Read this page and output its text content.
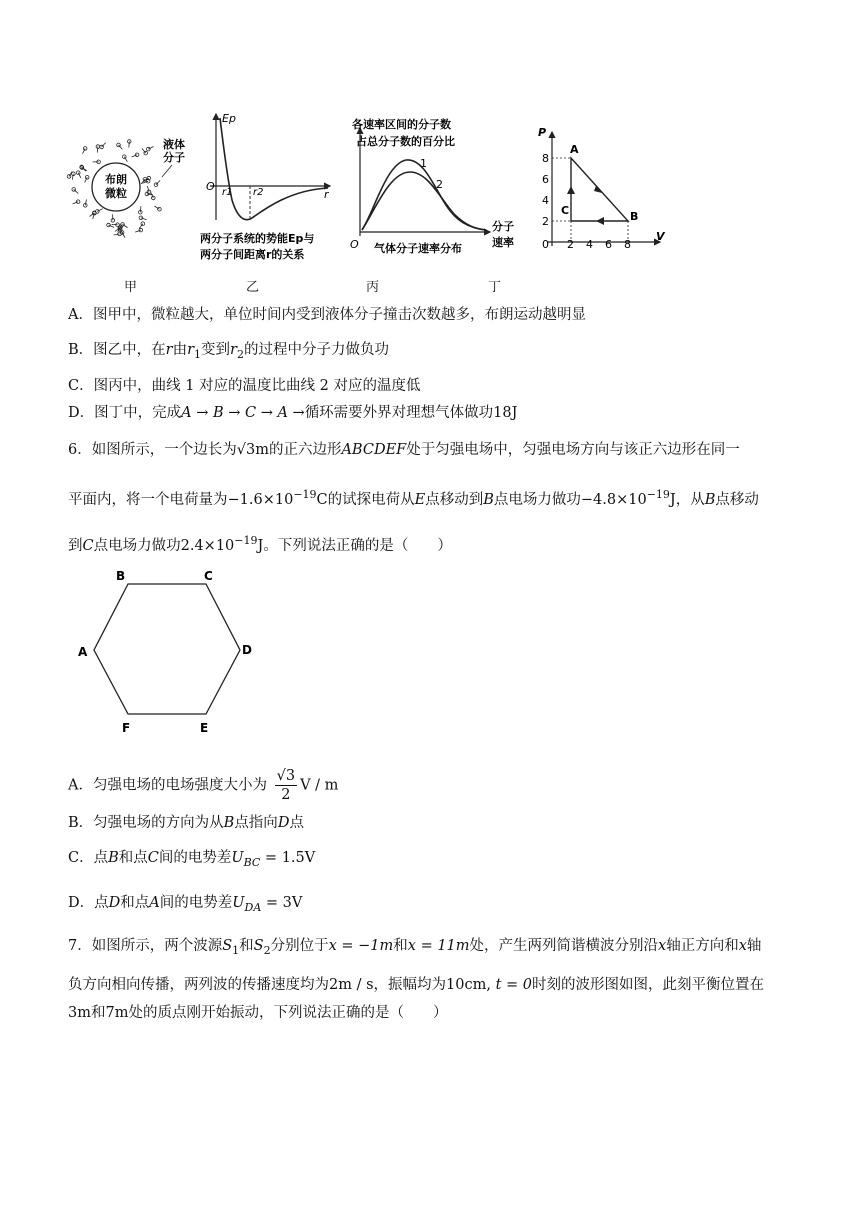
布朗
微粒
液体
分子
Ep
O r1 r2	r
两分子系统的势能Ep与
两分子间距离r的关系
各速率区间的分子数
占总分子数的百分比
1
2
O
分子
速率
气体分子速率分布
P
8
6
4
2
0 2 4 6 8
V
A
B
C
甲	乙	丙	丁
A．图甲中，微粒越大，单位时间内受到液体分子撞击次数越多，布朗运动越明显
B．图乙中，在r由$r_1$变到$r_2$的过程中分子力做负功
C．图丙中，曲线 1 对应的温度比曲线 2 对应的温度低
D．图丁中，完成A → B → C → A →循环需要外界对理想气体做功18J
6．如图所示，一个边长为√3m的正六边形ABCDEF处于匀强电场中，匀强电场方向与该正六边形在同一
平面内，将一个电荷量为$-1.6\times 10^{-19}C$的试探电荷从E点移动到B点电场力做功$-4.8\times 10^{-19}J$，从B点移动
到C点电场力做功$2.4\times 10^{-19}J$。下列说法正确的是（　　）
B	C
D
E
F
A
A．匀强电场的电场强度大小为 $\frac{√3}{2}$ V / m
B．匀强电场的方向为从B点指向D点
C．点B和点C间的电势差$U_{BC} = 1.5V$
D．点D和点A间的电势差$U_{DA} = 3V$
7．如图所示，两个波源$S_1$和$S_2$分别位于x = −1m和x = 11m处，产生两列简谐横波分别沿x轴正方向和x轴
负方向相向传播，两列波的传播速度均为2m / s，振幅均为10cm, t = 0时刻的波形图如图，此刻平衡位置在
3m和7m处的质点刚开始振动，下列说法正确的是（　　）
